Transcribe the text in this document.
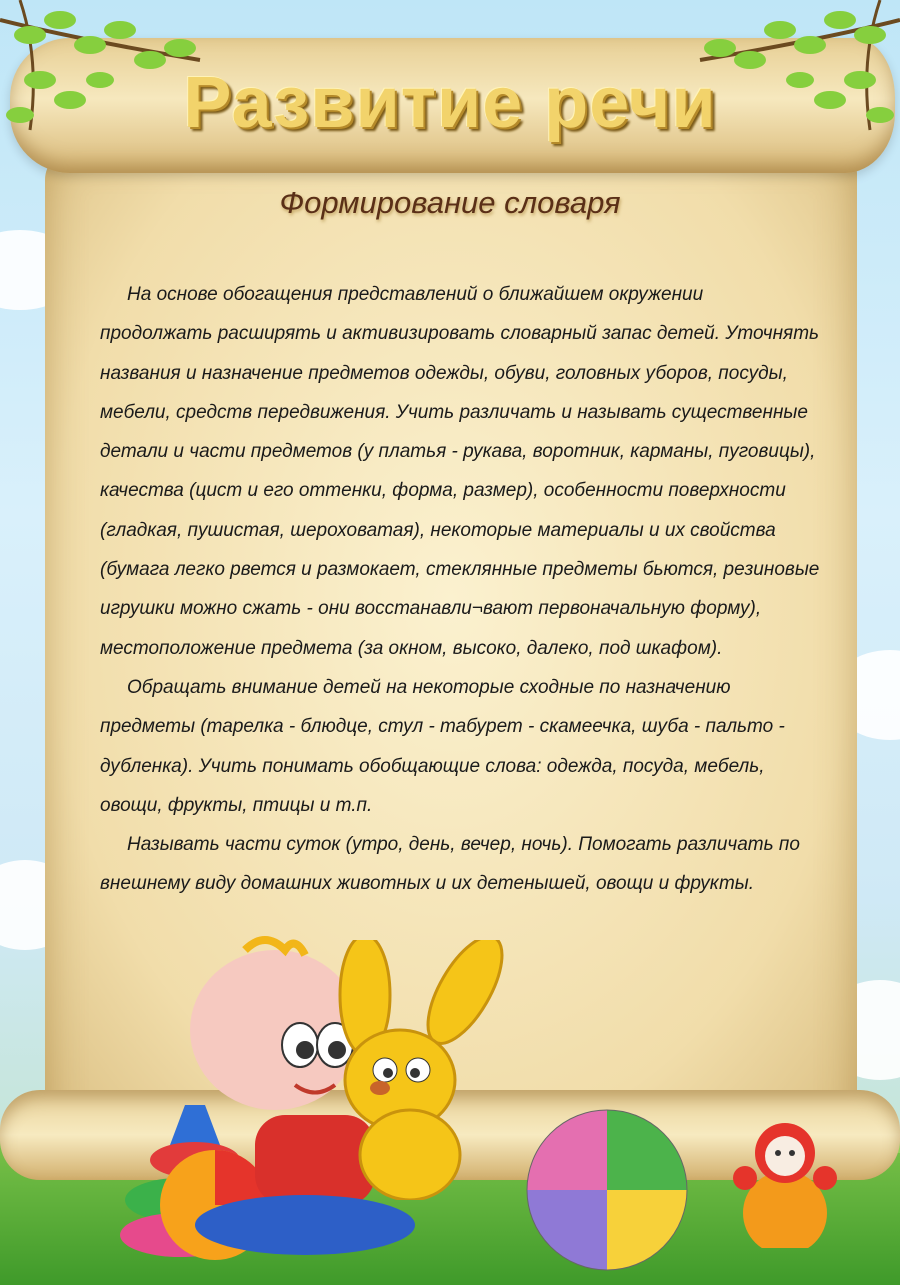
Развитие речи
Формирование словаря

На основе обогащения представлений о ближайшем окружении продолжать расширять и активизировать словарный запас детей. Уточнять названия и назначение предметов одежды, обуви, головных уборов, посуды, мебели, средств передвижения. Учить различать и называть существенные детали и части предметов (у платья - рукава, воротник, карманы, пуговицы), качества (цист и его оттенки, форма, размер), особенности поверхности (гладкая, пушистая, шероховатая), некоторые материалы и их свойства (бумага легко рвется и размокает, стеклянные предметы бьются, резиновые игрушки можно сжать - они восстанавли¬вают первоначальную форму), местоположение предмета (за окном, высоко, далеко, под шкафом).

Обращать внимание детей на некоторые сходные по назначению предметы (тарелка - блюдце, стул - табурет - скамеечка, шуба - пальто - дубленка). Учить понимать обобщающие слова: одежда, посуда, мебель, овощи, фрукты, птицы и т.п.

Называть части суток (утро, день, вечер, ночь). Помогать различать по внешнему виду домашних животных и их детенышей, овощи и фрукты.
